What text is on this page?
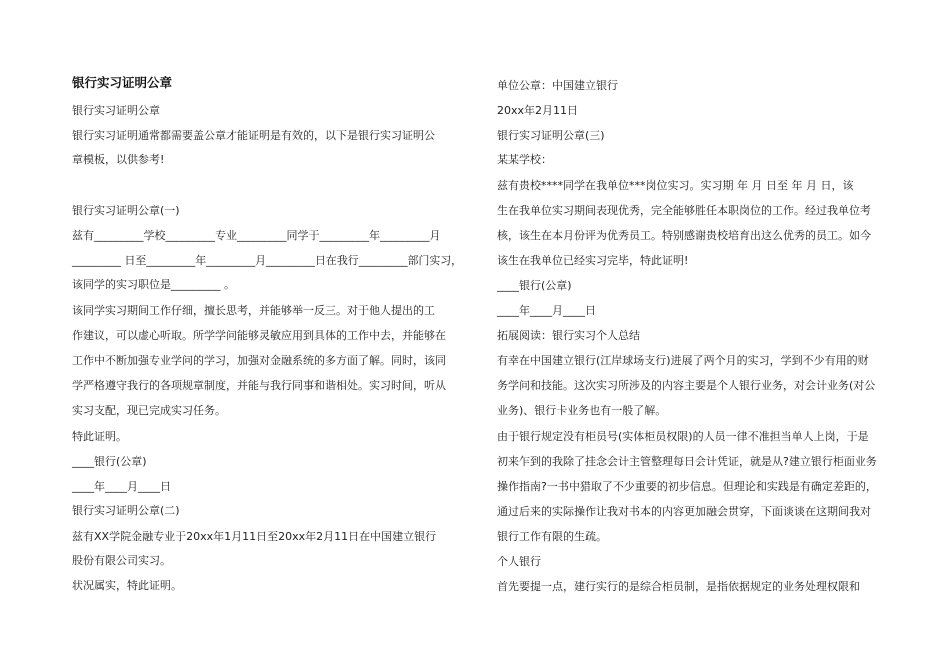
银行实习证明公章
银行实习证明公章
银行实习证明通常都需要盖公章才能证明是有效的，以下是银行实习证明公
章模板，以供参考!
银行实习证明公章(一)
兹有_________学校_________专业_________同学于_________年_________月
_________ 日至_________年_________月_________日在我行_________部门实习，
该同学的实习职位是_________ 。
该同学实习期间工作仔细，擅长思考，并能够举一反三。对于他人提出的工
作建议，可以虚心听取。所学学问能够灵敏应用到具体的工作中去，并能够在
工作中不断加强专业学问的学习，加强对金融系统的多方面了解。同时，该同
学严格遵守我行的各项规章制度，并能与我行同事和谐相处。实习时间，听从
实习支配，现已完成实习任务。
特此证明。
____银行(公章)
____年____月____日
银行实习证明公章(二)
兹有XX学院金融专业于20xx年1月11日至20xx年2月11日在中国建立银行
股份有限公司实习。
状况属实，特此证明。
单位公章：中国建立银行
20xx年2月11日
银行实习证明公章(三)
某某学校：
兹有贵校****同学在我单位***岗位实习。实习期 年 月 日至 年 月 日，该
生在我单位实习期间表现优秀，完全能够胜任本职岗位的工作。经过我单位考
核，该生在本月份评为优秀员工。特别感谢贵校培育出这么优秀的员工。如今
该生在我单位已经实习完毕，特此证明!
____银行(公章)
____年____月____日
拓展阅读：银行实习个人总结
有幸在中国建立银行(江岸球场支行)进展了两个月的实习，学到不少有用的财
务学问和技能。这次实习所涉及的内容主要是个人银行业务，对会计业务(对公
业务)、银行卡业务也有一般了解。
由于银行规定没有柜员号(实体柜员权限)的人员一律不准担当单人上岗，于是
初来乍到的我除了挂念会计主管整理每日会计凭证，就是从?建立银行柜面业务
操作指南?一书中猎取了不少重要的初步信息。但理论和实践是有确定差距的，
通过后来的实际操作让我对书本的内容更加融会贯穿，下面谈谈在这期间我对
银行工作有限的生疏。
个人银行
首先要提一点，建行实行的是综合柜员制，是指依据规定的业务处理权限和
